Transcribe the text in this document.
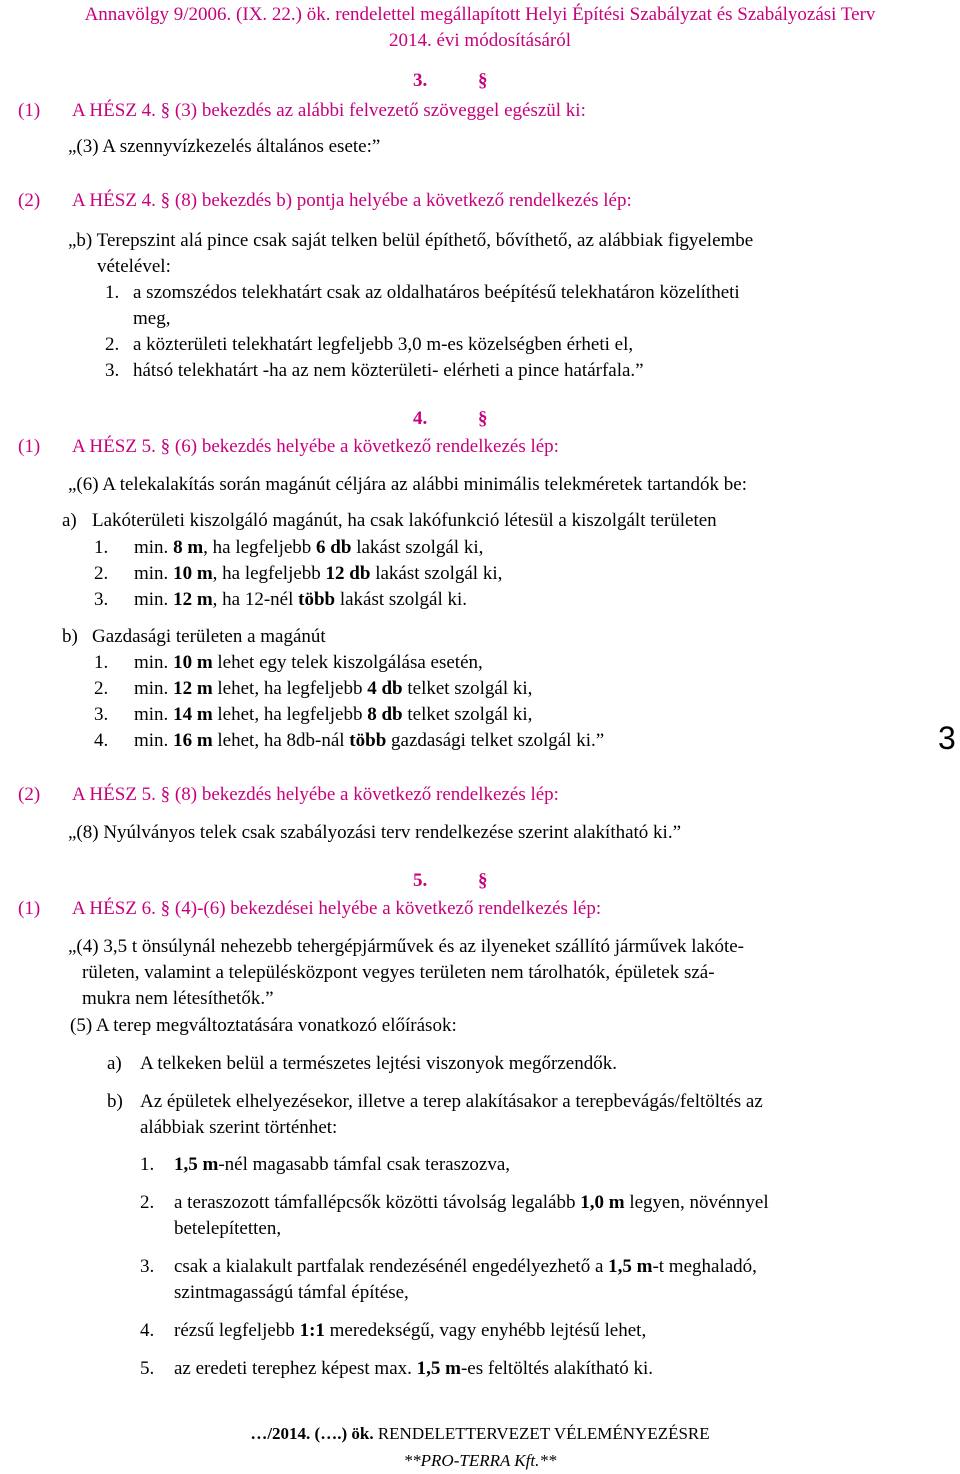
Annavölgy 9/2006. (IX. 22.) ök. rendelettel megállapított Helyi Építési Szabályzat és Szabályozási Terv
2014. évi módosításáról
3.	§
(1) A HÉSZ 4. § (3) bekezdés az alábbi felvezető szöveggel egészül ki:
„(3) A szennyvízkezelés általános esete:”
(2) A HÉSZ 4. § (8) bekezdés b) pontja helyébe a következő rendelkezés lép:
„b) Terepszint alá pince csak saját telken belül építhető, bővíthető, az alábbiak figyelembe
vételével:
1. a szomszédos telekhatárt csak az oldalhatáros beépítésű telekhatáron közelítheti
meg,
2. a közterületi telekhatárt legfeljebb 3,0 m-es közelségben érheti el,
3. hátsó telekhatárt -ha az nem közterületi- elérheti a pince határfala.”
4.	§
(1) A HÉSZ 5. § (6) bekezdés helyébe a következő rendelkezés lép:
„(6) A telekalakítás során magánút céljára az alábbi minimális telekméretek tartandók be:
a) Lakóterületi kiszolgáló magánút, ha csak lakófunkció létesül a kiszolgált területen
1. min. 8 m, ha legfeljebb 6 db lakást szolgál ki,
2. min. 10 m, ha legfeljebb 12 db lakást szolgál ki,
3. min. 12 m, ha 12-nél több lakást szolgál ki.
b) Gazdasági területen a magánút
1. min. 10 m lehet egy telek kiszolgálása esetén,
2. min. 12 m lehet, ha legfeljebb 4 db telket szolgál ki,
3. min. 14 m lehet, ha legfeljebb 8 db telket szolgál ki,
4. min. 16 m lehet, ha 8db-nál több gazdasági telket szolgál ki.”	3
(2) A HÉSZ 5. § (8) bekezdés helyébe a következő rendelkezés lép:
„(8) Nyúlványos telek csak szabályozási terv rendelkezése szerint alakítható ki.”
5.	§
(1) A HÉSZ 6. § (4)-(6) bekezdései helyébe a következő rendelkezés lép:
„(4) 3,5 t önsúlynál nehezebb tehergépjárművek és az ilyeneket szállító járművek lakóte-
rületen, valamint a településközpont vegyes területen nem tárolhatók, épületek szá-
mukra nem létesíthetők.”
(5) A terep megváltoztatására vonatkozó előírások:
a) A telkeken belül a természetes lejtési viszonyok megőrzendők.
b) Az épületek elhelyezésekor, illetve a terep alakításakor a terepbevágás/feltöltés az
alábbiak szerint történhet:
1. 1,5 m-nél magasabb támfal csak teraszozva,
2. a teraszozott támfallépcsők közötti távolság legalább 1,0 m legyen, növénnyel
betelepítetten,
3. csak a kialakult partfalak rendezésénél engedélyezhető a 1,5 m-t meghaladó,
szintmagasságú támfal építése,
4. rézsű legfeljebb 1:1 meredekségű, vagy enyhébb lejtésű lehet,
5. az eredeti terephez képest max. 1,5 m-es feltöltés alakítható ki.
…/2014. (….) ök. RENDELETTERVEZET VÉLEMÉNYEZÉSRE
**PRO-TERRA Kft.**
